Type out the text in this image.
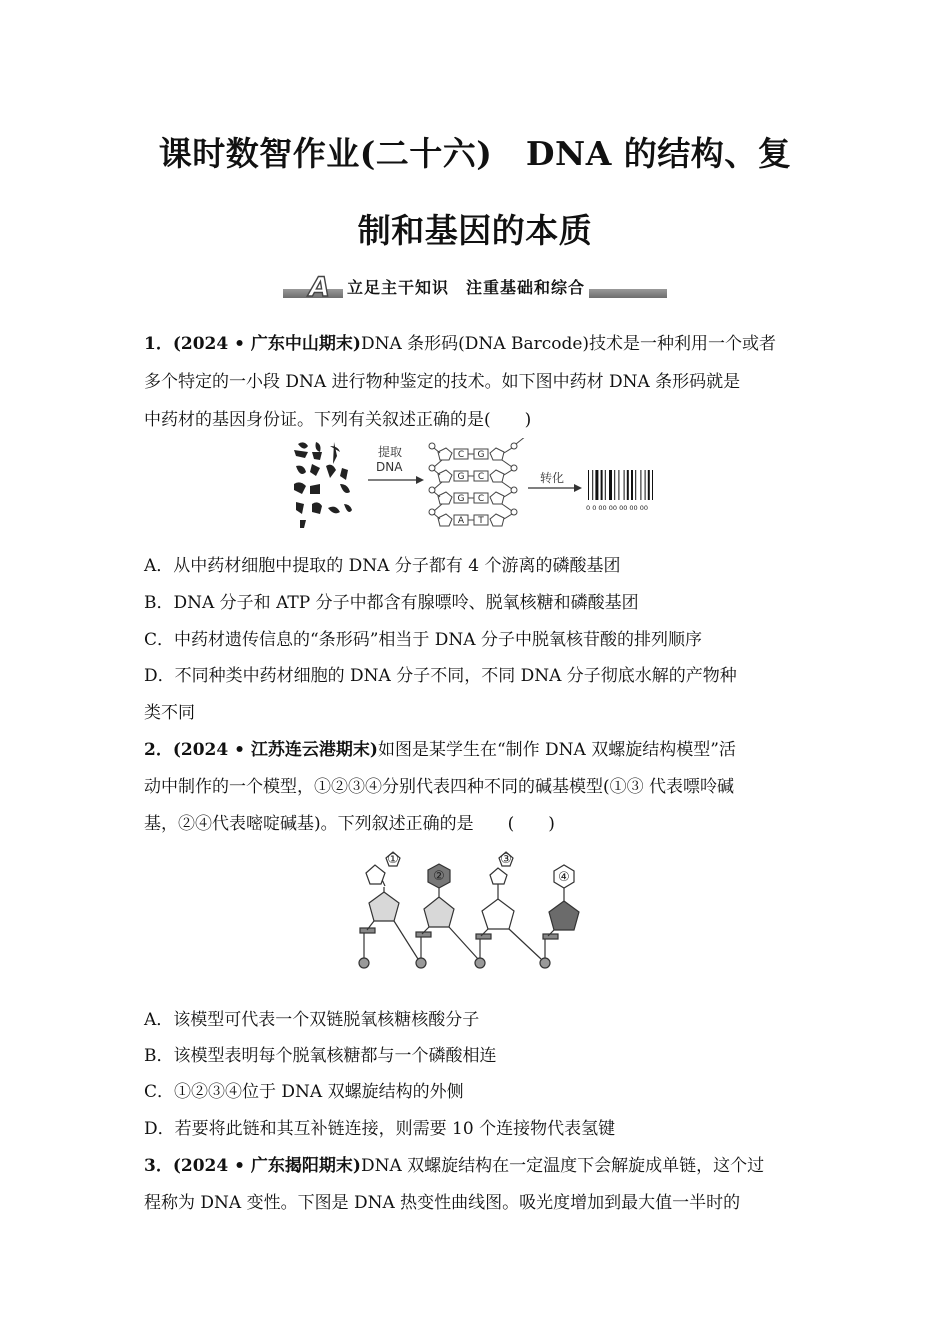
课时数智作业(二十六)　DNA 的结构、复
制和基因的本质
A 立足主干知识　注重基础和综合
1．(2024 • 广东中山期末)DNA 条形码(DNA Barcode)技术是一种利用一个或者
多个特定的一小段 DNA 进行物种鉴定的技术。如下图中药材 DNA 条形码就是
中药材的基因身份证。下列有关叙述正确的是(　　)
提取
DNA
C G
G C
G C
A T
转化
0 0 00 00 00 00 00
A．从中药材细胞中提取的 DNA 分子都有 4 个游离的磷酸基团
B．DNA 分子和 ATP 分子中都含有腺嘌呤、脱氧核糖和磷酸基团
C．中药材遗传信息的“条形码”相当于 DNA 分子中脱氧核苷酸的排列顺序
D．不同种类中药材细胞的 DNA 分子不同，不同 DNA 分子彻底水解的产物种
类不同
2．(2024 • 江苏连云港期末)如图是某学生在“制作 DNA 双螺旋结构模型”活
动中制作的一个模型，①②③④分别代表四种不同的碱基模型(①③ 代表嘌呤碱
基，②④代表嘧啶碱基)。下列叙述正确的是　　(　　)
①
②
③
④
A．该模型可代表一个双链脱氧核糖核酸分子
B．该模型表明每个脱氧核糖都与一个磷酸相连
C．①②③④位于 DNA 双螺旋结构的外侧
D．若要将此链和其互补链连接，则需要 10 个连接物代表氢键
3．(2024 • 广东揭阳期末)DNA 双螺旋结构在一定温度下会解旋成单链，这个过
程称为 DNA 变性。下图是 DNA 热变性曲线图。吸光度增加到最大值一半时的
